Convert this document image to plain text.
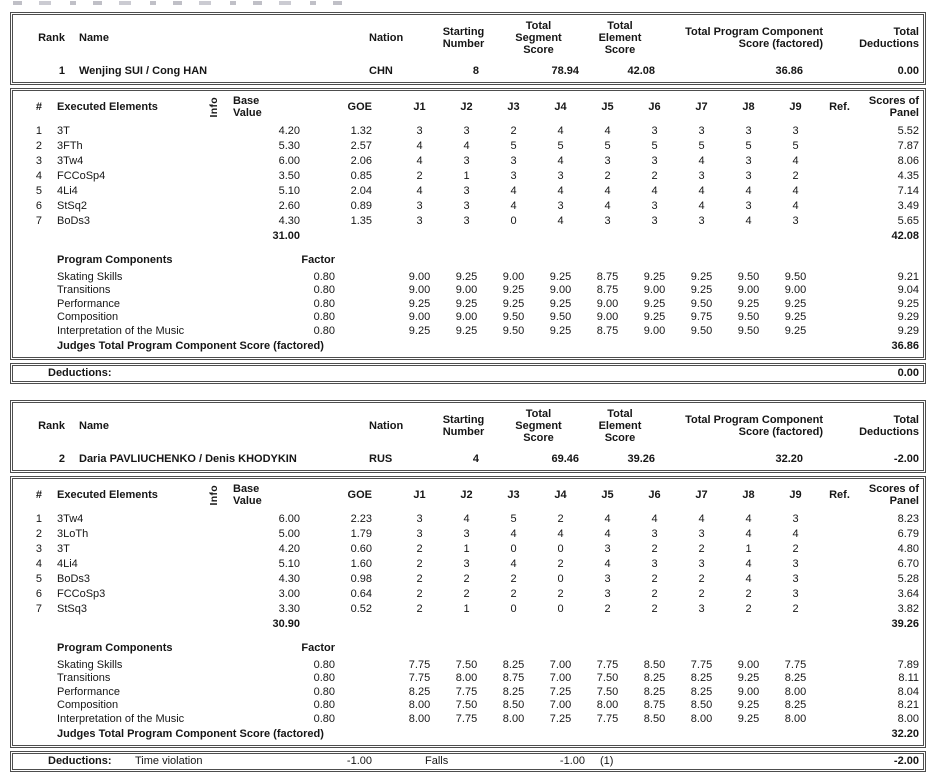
Rank	Name	Nation	Starting
Number
Total
Segment
Score
Total
Element
Score
Total Program Component
Score (factored)
Total
Deductions
1	Wenjing SUI / Cong HAN	CHN	8	78.94	42.08	36.86	0.00
#	Executed Elements	Info Base
Value	GOE	J1	J2	J3	J4	J5	J6	J7	J8	J9	Ref.	Scores of
Panel
1	3T	4.20	1.32	3	3	2	4	4	3	3	3	3	5.52
2	3FTh	5.30	2.57	4	4	5	5	5	5	5	5	5	7.87
3	3Tw4	6.00	2.06	4	3	3	4	3	3	4	3	4	8.06
4	FCCoSp4	3.50	0.85	2	1	3	3	2	2	3	3	2	4.35
5	4Li4	5.10	2.04	4	3	4	4	4	4	4	4	4	7.14
6	StSq2	2.60	0.89	3	3	4	3	4	3	4	3	4	3.49
7	BoDs3	4.30	1.35	3	3	0	4	3	3	3	4	3	5.65
31.00	42.08
Program Components	Factor
Skating Skills	0.80	9.00	9.25	9.00	9.25	8.75	9.25	9.25	9.50	9.50	9.21
Transitions	0.80	9.00	9.00	9.25	9.00	8.75	9.00	9.25	9.00	9.00	9.04
Performance	0.80	9.25	9.25	9.25	9.25	9.00	9.25	9.50	9.25	9.25	9.25
Composition	0.80	9.00	9.00	9.50	9.50	9.00	9.25	9.75	9.50	9.25	9.29
Interpretation of the Music	0.80	9.25	9.25	9.50	9.25	8.75	9.00	9.50	9.50	9.25	9.29
Judges Total Program Component Score (factored)	36.86
Deductions:	0.00
Rank	Name	Nation	Starting
Number
Total
Segment
Score
Total
Element
Score
Total Program Component
Score (factored)
Total
Deductions
2	Daria PAVLIUCHENKO / Denis KHODYKIN	RUS	4	69.46	39.26	32.20	-2.00
#	Executed Elements	Info Base
Value	GOE	J1	J2	J3	J4	J5	J6	J7	J8	J9	Ref.	Scores of
Panel
1	3Tw4	6.00	2.23	3	4	5	2	4	4	4	4	3	8.23
2	3LoTh	5.00	1.79	3	3	4	4	4	3	3	4	4	6.79
3	3T	4.20	0.60	2	1	0	0	3	2	2	1	2	4.80
4	4Li4	5.10	1.60	2	3	4	2	4	3	3	4	3	6.70
5	BoDs3	4.30	0.98	2	2	2	0	3	2	2	4	3	5.28
6	FCCoSp3	3.00	0.64	2	2	2	2	3	2	2	2	3	3.64
7	StSq3	3.30	0.52	2	1	0	0	2	2	3	2	2	3.82
30.90	39.26
Program Components	Factor
Skating Skills	0.80	7.75	7.50	8.25	7.00	7.75	8.50	7.75	9.00	7.75	7.89
Transitions	0.80	7.75	8.00	8.75	7.00	7.50	8.25	8.25	9.25	8.25	8.11
Performance	0.80	8.25	7.75	8.25	7.25	7.50	8.25	8.25	9.00	8.00	8.04
Composition	0.80	8.00	7.50	8.50	7.00	8.00	8.75	8.50	9.25	8.25	8.21
Interpretation of the Music	0.80	8.00	7.75	8.00	7.25	7.75	8.50	8.00	9.25	8.00	8.00
Judges Total Program Component Score (factored)	32.20
Deductions:	Time violation	-1.00	Falls	-1.00	(1)	-2.00
